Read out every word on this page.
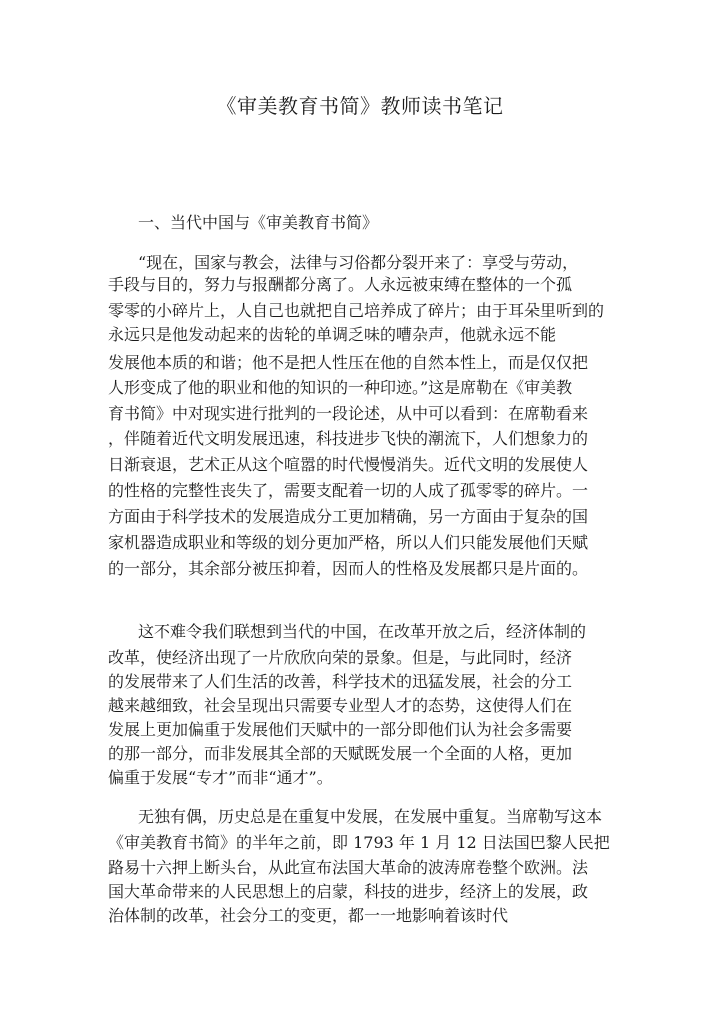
《审美教育书简》教师读书笔记
一、当代中国与《审美教育书简》
“现在，国家与教会，法律与习俗都分裂开来了：享受与劳动，
手段与目的，努力与报酬都分离了。人永远被束缚在整体的一个孤
零零的小碎片上，人自己也就把自己培养成了碎片；由于耳朵里听到的
永远只是他发动起来的齿轮的单调乏味的嘈杂声，他就永远不能
发展他本质的和谐；他不是把人性压在他的自然本性上，而是仅仅把
人形变成了他的职业和他的知识的一种印迹。”这是席勒在《审美教
育书简》中对现实进行批判的一段论述，从中可以看到：在席勒看来
，伴随着近代文明发展迅速，科技进步飞快的潮流下，人们想象力的
日渐衰退，艺术正从这个喧嚣的时代慢慢消失。近代文明的发展使人
的性格的完整性丧失了，需要支配着一切的人成了孤零零的碎片。一
方面由于科学技术的发展造成分工更加精确，另一方面由于复杂的国
家机器造成职业和等级的划分更加严格，所以人们只能发展他们天赋
的一部分，其余部分被压抑着，因而人的性格及发展都只是片面的。
这不难令我们联想到当代的中国，在改革开放之后，经济体制的
改革，使经济出现了一片欣欣向荣的景象。但是，与此同时，经济
的发展带来了人们生活的改善，科学技术的迅猛发展，社会的分工
越来越细致，社会呈现出只需要专业型人才的态势，这使得人们在
发展上更加偏重于发展他们天赋中的一部分即他们认为社会多需要
的那一部分，而非发展其全部的天赋既发展一个全面的人格，更加
偏重于发展“专才”而非“通才”。
无独有偶，历史总是在重复中发展，在发展中重复。当席勒写这本
《审美教育书简》的半年之前，即 1793 年 1 月 12 日法国巴黎人民把
路易十六押上断头台，从此宣布法国大革命的波涛席卷整个欧洲。法
国大革命带来的人民思想上的启蒙，科技的进步，经济上的发展，政
治体制的改革，社会分工的变更，都一一地影响着该时代
